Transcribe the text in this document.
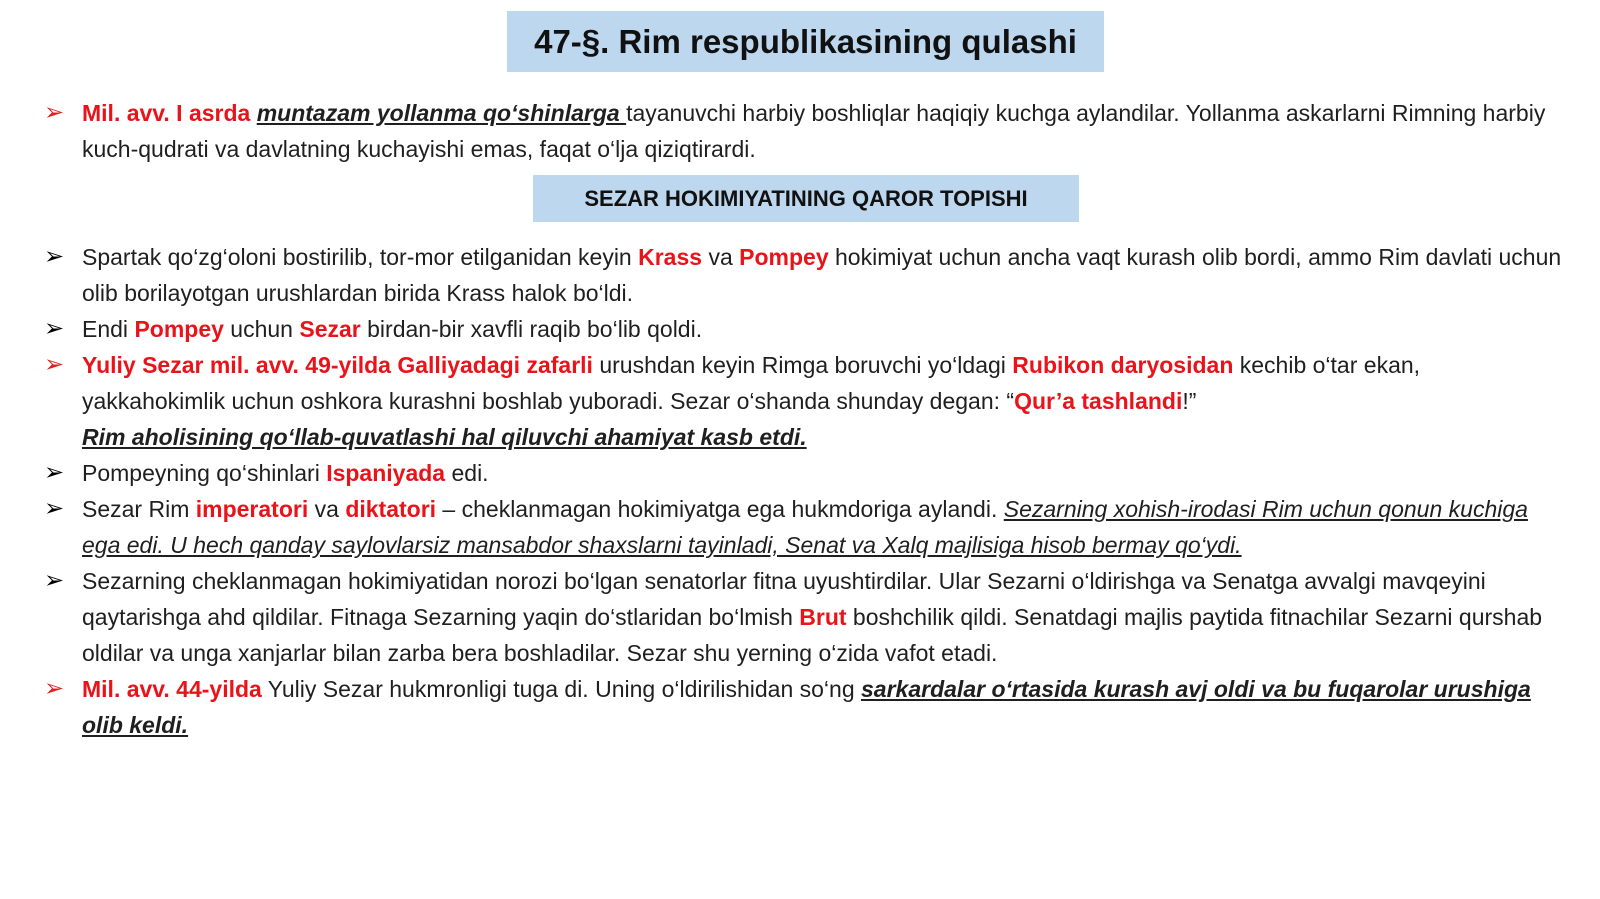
47-§. Rim respublikasining qulashi
➢ Mil. avv. I asrda muntazam yollanma qo‘shinlarga tayanuvchi harbiy boshliqlar haqiqiy kuchga aylandilar. Yollanma askarlarni Rimning harbiy kuch-qudrati va davlatning kuchayishi emas, faqat o‘lja qiziqtirardi.
SEZAR HOKIMIYATINING QAROR TOPISHI
➢ Spartak qo‘zg‘oloni bostirilib, tor-mor etilganidan keyin Krass va Pompey hokimiyat uchun ancha vaqt kurash olib bordi, ammo Rim davlati uchun olib borilayotgan urushlardan birida Krass halok bo‘ldi.
➢ Endi Pompey uchun Sezar birdan-bir xavfli raqib bo‘lib qoldi.
➢ Yuliy Sezar mil. avv. 49-yilda Galliyadagi zafarli urushdan keyin Rimga boruvchi yo‘ldagi Rubikon daryosidan kechib o‘tar ekan, yakkahokimlik uchun oshkora kurashni boshlab yuboradi. Sezar o‘shanda shunday degan: “Qur’a tashlandi!”
Rim aholisining qo‘llab-quvatlashi hal qiluvchi ahamiyat kasb etdi.
➢ Pompeyning qo‘shinlari Ispaniyada edi.
➢ Sezar Rim imperatori va diktatori – cheklanmagan hokimiyatga ega hukmdoriga aylandi. Sezarning xohish-irodasi Rim uchun qonun kuchiga ega edi. U hech qanday saylovlarsiz mansabdor shaxslarni tayinladi, Senat va Xalq majlisiga hisob bermay qo‘ydi.
➢ Sezarning cheklanmagan hokimiyatidan norozi bo‘lgan senatorlar fitna uyushtirdilar. Ular Sezarni o‘ldirishga va Senatga avvalgi mavqeyini qaytarishga ahd qildilar. Fitnaga Sezarning yaqin do‘stlaridan bo‘lmish Brut boshchilik qildi. Senatdagi majlis paytida fitnachilar Sezarni qurshab oldilar va unga xanjarlar bilan zarba bera boshladilar. Sezar shu yerning o‘zida vafot etadi.
➢ Mil. avv. 44-yilda Yuliy Sezar hukmronligi tuga di. Uning o‘ldirilishidan so‘ng sarkardalar o‘rtasida kurash avj oldi va bu fuqarolar urushiga olib keldi.
